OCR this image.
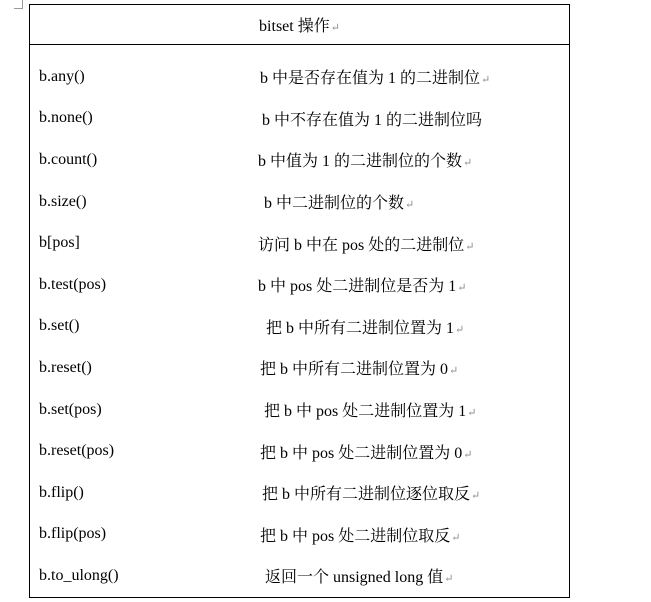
bitset 操作↵

b.any()	b 中是否存在值为 1 的二进制位↵
b.none()	b 中不存在值为 1 的二进制位吗
b.count()	b 中值为 1 的二进制位的个数↵
b.size()	b 中二进制位的个数↵
b[pos]	访问 b 中在 pos 处的二进制位↵
b.test(pos)	b 中 pos 处二进制位是否为 1↵
b.set()	把 b 中所有二进制位置为 1↵
b.reset()	把 b 中所有二进制位置为 0↵
b.set(pos)	把 b 中 pos 处二进制位置为 1↵
b.reset(pos)	把 b 中 pos 处二进制位置为 0↵
b.flip()	把 b 中所有二进制位逐位取反↵
b.flip(pos)	把 b 中 pos 处二进制位取反↵
b.to_ulong()	返回一个 unsigned long 值↵
